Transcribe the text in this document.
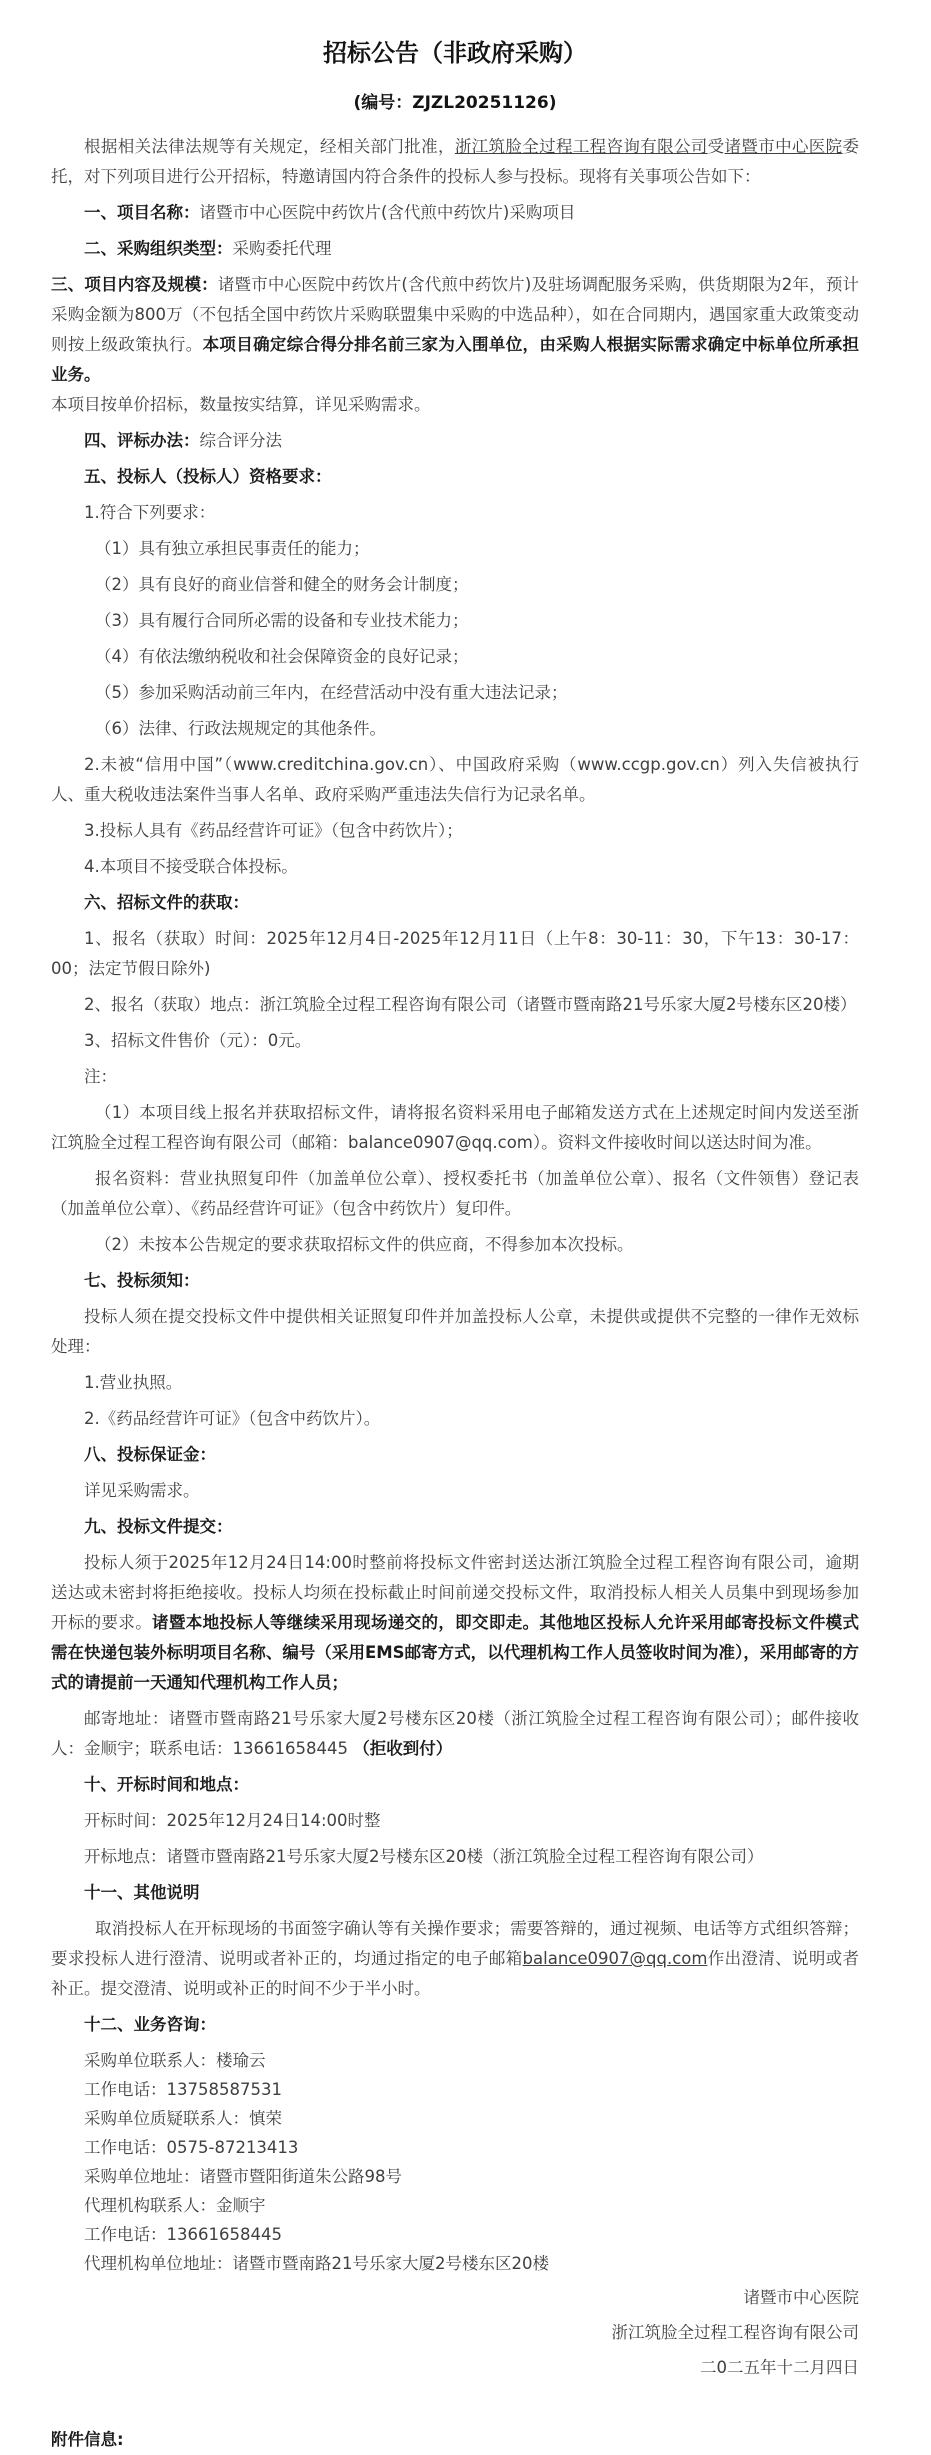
招标公告（非政府采购）
(编号：ZJZL20251126)

根据相关法律法规等有关规定，经相关部门批准，浙江筑脸全过程工程咨询有限公司受诸暨市中心医院委托，对下列项目进行公开招标，特邀请国内符合条件的投标人参与投标。现将有关事项公告如下：

一、项目名称：诸暨市中心医院中药饮片(含代煎中药饮片)采购项目

二、采购组织类型：采购委托代理

三、项目内容及规模：诸暨市中心医院中药饮片(含代煎中药饮片)及驻场调配服务采购，供货期限为2年，预计采购金额为800万（不包括全国中药饮片采购联盟集中采购的中选品种），如在合同期内，遇国家重大政策变动则按上级政策执行。本项目确定综合得分排名前三家为入围单位，由采购人根据实际需求确定中标单位所承担业务。
本项目按单价招标，数量按实结算，详见采购需求。

四、评标办法：综合评分法

五、投标人（投标人）资格要求：

1.符合下列要求：

（1）具有独立承担民事责任的能力；

（2）具有良好的商业信誉和健全的财务会计制度；

（3）具有履行合同所必需的设备和专业技术能力；

（4）有依法缴纳税收和社会保障资金的良好记录；

（5）参加采购活动前三年内，在经营活动中没有重大违法记录；

（6）法律、行政法规规定的其他条件。

2.未被“信用中国”（www.creditchina.gov.cn）、中国政府采购（www.ccgp.gov.cn）列入失信被执行人、重大税收违法案件当事人名单、政府采购严重违法失信行为记录名单。

3.投标人具有《药品经营许可证》（包含中药饮片）；

4.本项目不接受联合体投标。

六、招标文件的获取：

1、报名（获取）时间：2025年12月4日-2025年12月11日（上午8：30-11：30，下午13：30-17：00；法定节假日除外)

2、报名（获取）地点：浙江筑脸全过程工程咨询有限公司（诸暨市暨南路21号乐家大厦2号楼东区20楼）

3、招标文件售价（元）：0元。

注：

（1）本项目线上报名并获取招标文件，请将报名资料采用电子邮箱发送方式在上述规定时间内发送至浙江筑脸全过程工程咨询有限公司（邮箱：balance0907@qq.com）。资料文件接收时间以送达时间为准。

报名资料：营业执照复印件（加盖单位公章）、授权委托书（加盖单位公章）、报名（文件领售）登记表（加盖单位公章）、《药品经营许可证》（包含中药饮片）复印件。

（2）未按本公告规定的要求获取招标文件的供应商，不得参加本次投标。

七、投标须知：

投标人须在提交投标文件中提供相关证照复印件并加盖投标人公章，未提供或提供不完整的一律作无效标处理：

1.营业执照。

2.《药品经营许可证》（包含中药饮片）。

八、投标保证金：

详见采购需求。

九、投标文件提交：

投标人须于2025年12月24日14:00时整前将投标文件密封送达浙江筑脸全过程工程咨询有限公司，逾期送达或未密封将拒绝接收。投标人均须在投标截止时间前递交投标文件，取消投标人相关人员集中到现场参加开标的要求。诸暨本地投标人等继续采用现场递交的，即交即走。其他地区投标人允许采用邮寄投标文件模式需在快递包装外标明项目名称、编号（采用EMS邮寄方式，以代理机构工作人员签收时间为准），采用邮寄的方式的请提前一天通知代理机构工作人员；

邮寄地址：诸暨市暨南路21号乐家大厦2号楼东区20楼（浙江筑脸全过程工程咨询有限公司）；邮件接收人：金顺宇；联系电话：13661658445 （拒收到付）

十、开标时间和地点：

开标时间：2025年12月24日14:00时整

开标地点：诸暨市暨南路21号乐家大厦2号楼东区20楼（浙江筑脸全过程工程咨询有限公司）

十一、其他说明

取消投标人在开标现场的书面签字确认等有关操作要求；需要答辩的，通过视频、电话等方式组织答辩；要求投标人进行澄清、说明或者补正的，均通过指定的电子邮箱balance0907@qq.com作出澄清、说明或者补正。提交澄清、说明或补正的时间不少于半小时。

十二、业务咨询：

采购单位联系人：楼瑜云

工作电话：13758587531

采购单位质疑联系人：慎荣

工作电话：0575-87213413

采购单位地址：诸暨市暨阳街道朱公路98号

代理机构联系人：金顺宇

工作电话：13661658445

代理机构单位地址：诸暨市暨南路21号乐家大厦2号楼东区20楼

诸暨市中心医院

浙江筑脸全过程工程咨询有限公司

二0二五年十二月四日

附件信息:
